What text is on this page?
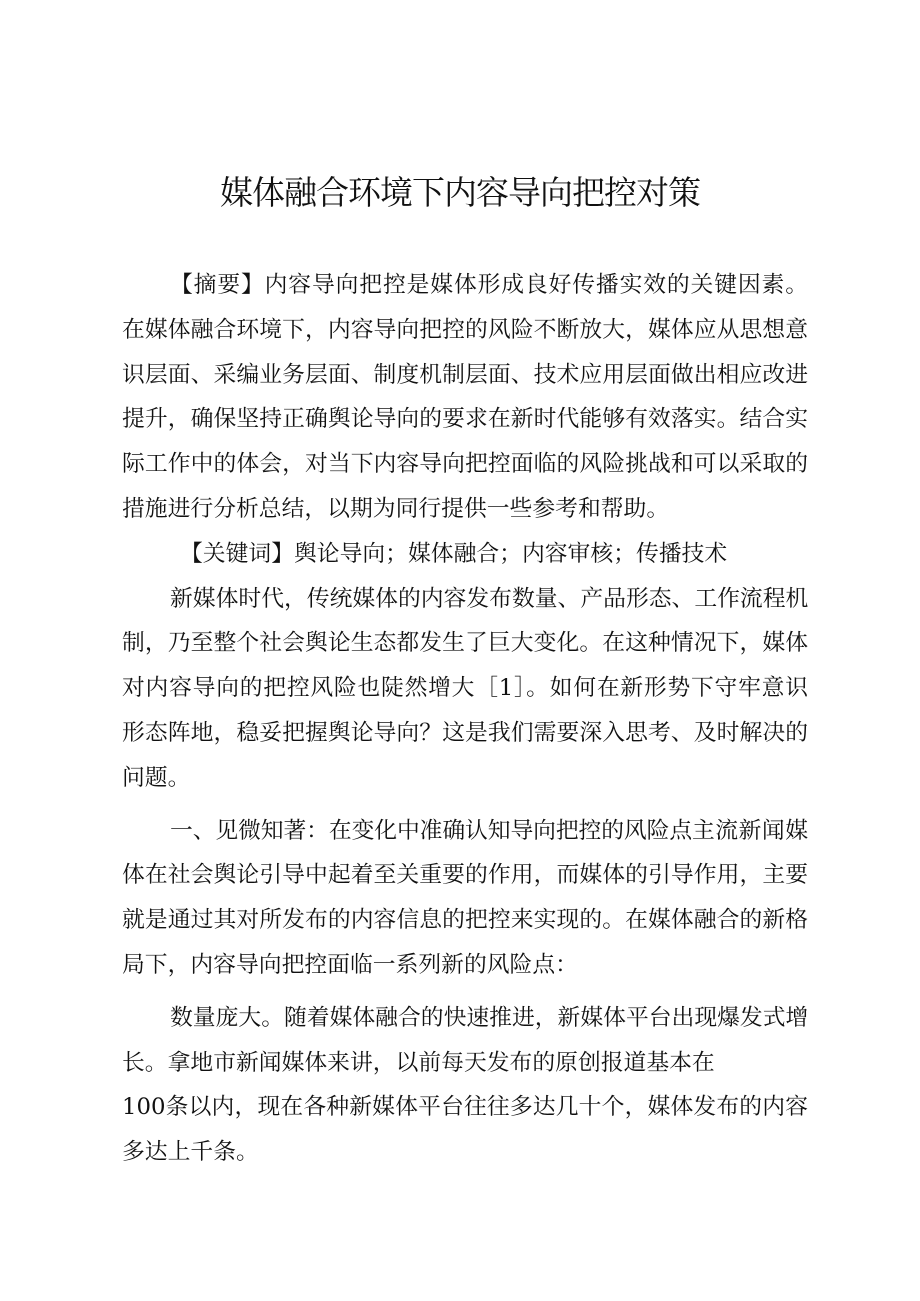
媒体融合环境下内容导向把控对策
【摘要】内容导向把控是媒体形成良好传播实效的关键因素。
在媒体融合环境下，内容导向把控的风险不断放大，媒体应从思想意
识层面、采编业务层面、制度机制层面、技术应用层面做出相应改进
提升，确保坚持正确舆论导向的要求在新时代能够有效落实。结合实
际工作中的体会，对当下内容导向把控面临的风险挑战和可以采取的
措施进行分析总结，以期为同行提供一些参考和帮助。
【关键词】舆论导向；媒体融合；内容审核；传播技术
新媒体时代，传统媒体的内容发布数量、产品形态、工作流程机
制，乃至整个社会舆论生态都发生了巨大变化。在这种情况下，媒体
对内容导向的把控风险也陡然增大［1］。如何在新形势下守牢意识
形态阵地，稳妥把握舆论导向？这是我们需要深入思考、及时解决的
问题。
一、见微知著：在变化中准确认知导向把控的风险点主流新闻媒
体在社会舆论引导中起着至关重要的作用，而媒体的引导作用，主要
就是通过其对所发布的内容信息的把控来实现的。在媒体融合的新格
局下，内容导向把控面临一系列新的风险点：
数量庞大。随着媒体融合的快速推进，新媒体平台出现爆发式增
长。拿地市新闻媒体来讲，以前每天发布的原创报道基本在
100条以内，现在各种新媒体平台往往多达几十个，媒体发布的内容
多达上千条。
